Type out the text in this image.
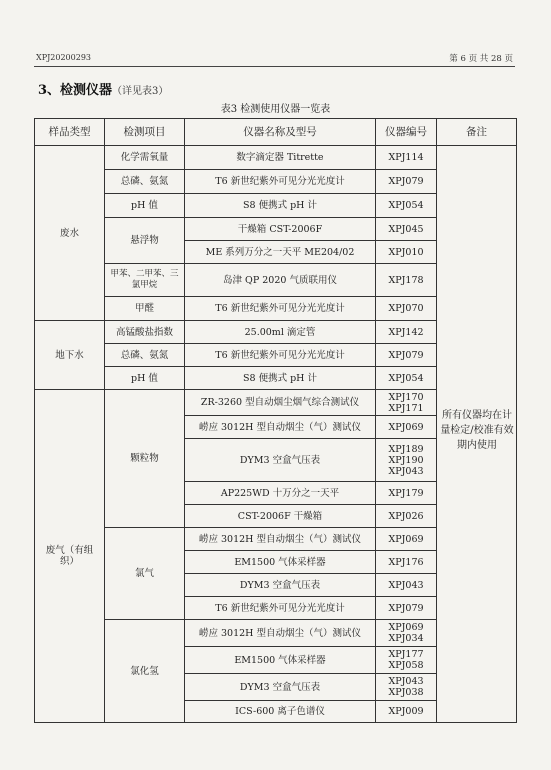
XPJ20200293	第 6 页 共 28 页
3、检测仪器（详见表3）
表3 检测使用仪器一览表
样品类型	检测项目	仪器名称及型号	仪器编号	备注
废水	化学需氧量	数字滴定器 Titrette	XPJ114	
	总磷、氨氮	T6 新世纪紫外可见分光光度计	XPJ079	
	pH 值	S8 便携式 pH 计	XPJ054	
	悬浮物	干燥箱 CST-2006F	XPJ045	
		ME 系列万分之一天平 ME204/02	XPJ010	
	甲苯、二甲苯、三氯甲烷	岛津 QP 2020 气质联用仪	XPJ178	
	甲醛	T6 新世纪紫外可见分光光度计	XPJ070	
地下水	高锰酸盐指数	25.00ml 滴定管	XPJ142	
	总磷、氨氮	T6 新世纪紫外可见分光光度计	XPJ079	
	pH 值	S8 便携式 pH 计	XPJ054	
废气（有组织）	颗粒物	ZR-3260 型自动烟尘烟气综合测试仪	XPJ170
XPJ171	
		崂应 3012H 型自动烟尘（气）测试仪	XPJ069	
		DYM3 空盒气压表	XPJ189
XPJ190
XPJ043	
		AP225WD 十万分之一天平	XPJ179	
		CST-2006F 干燥箱	XPJ026	
	氯气	崂应 3012H 型自动烟尘（气）测试仪	XPJ069	
		EM1500 气体采样器	XPJ176	
		DYM3 空盒气压表	XPJ043	
		T6 新世纪紫外可见分光光度计	XPJ079	
	氯化氢	崂应 3012H 型自动烟尘（气）测试仪	XPJ069
XPJ034	
		EM1500 气体采样器	XPJ177
XPJ058	
		DYM3 空盒气压表	XPJ043
XPJ038	
		ICS-600 离子色谱仪	XPJ009	
所有仪器均在计量检定/校准有效期内使用
